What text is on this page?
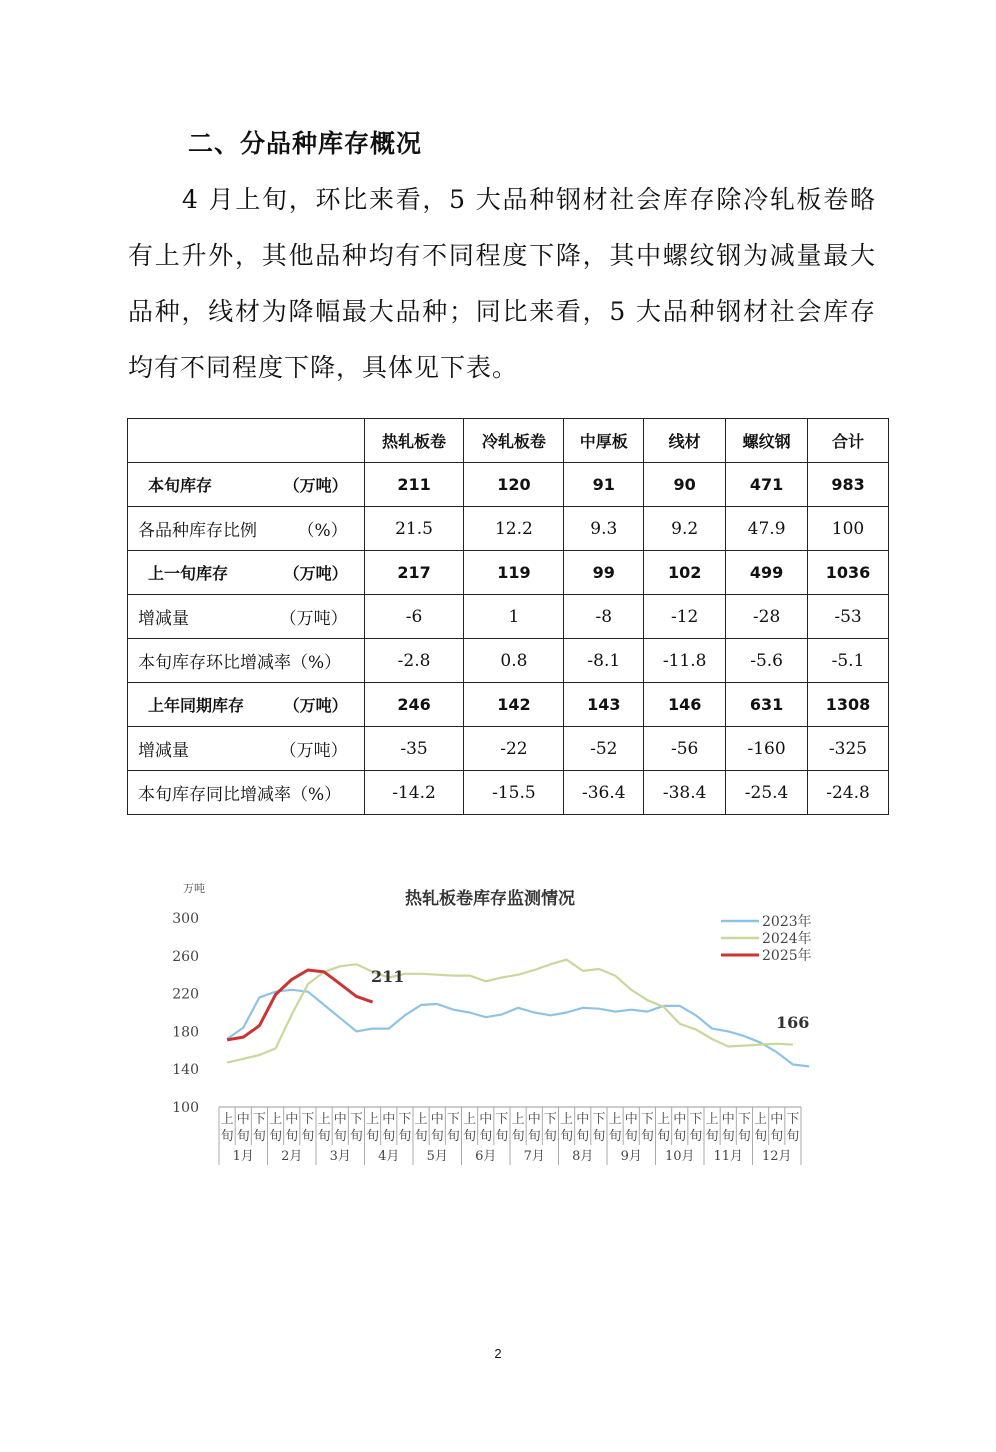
二、分品种库存概况
4 月上旬，环比来看，5 大品种钢材社会库存除冷轧板卷略有上升外，其他品种均有不同程度下降，其中螺纹钢为减量最大品种，线材为降幅最大品种；同比来看，5 大品种钢材社会库存均有不同程度下降，具体见下表。
	热轧板卷	冷轧板卷	中厚板	线材	螺纹钢	合计
本旬库存 （万吨）	211	120	91	90	471	983
各品种库存比例 （%）	21.5	12.2	9.3	9.2	47.9	100
上一旬库存 （万吨）	217	119	99	102	499	1036
增减量 （万吨）	-6	1	-8	-12	-28	-53
本旬库存环比增减率（%）	-2.8	0.8	-8.1	-11.8	-5.6	-5.1
上年同期库存 （万吨）	246	142	143	146	631	1308
增减量 （万吨）	-35	-22	-52	-56	-160	-325
本旬库存同比增减率（%）	-14.2	-15.5	-36.4	-38.4	-25.4	-24.8
热轧板卷库存监测情况
万吨
100
140
180
220
260
300
上
旬
中
旬
下
旬
上
旬
中
旬
下
旬
上
旬
中
旬
下
旬
上
旬
中
旬
下
旬
上
旬
中
旬
下
旬
上
旬
中
旬
下
旬
上
旬
中
旬
下
旬
上
旬
中
旬
下
旬
上
旬
中
旬
下
旬
上
旬
中
旬
下
旬
上
旬
中
旬
下
旬
上
旬
中
旬
下
旬
1月 2月 3月 4月 5月 6月 7月 8月 9月 10月 11月 12月
2023年
2024年
2025年
211
166
2
